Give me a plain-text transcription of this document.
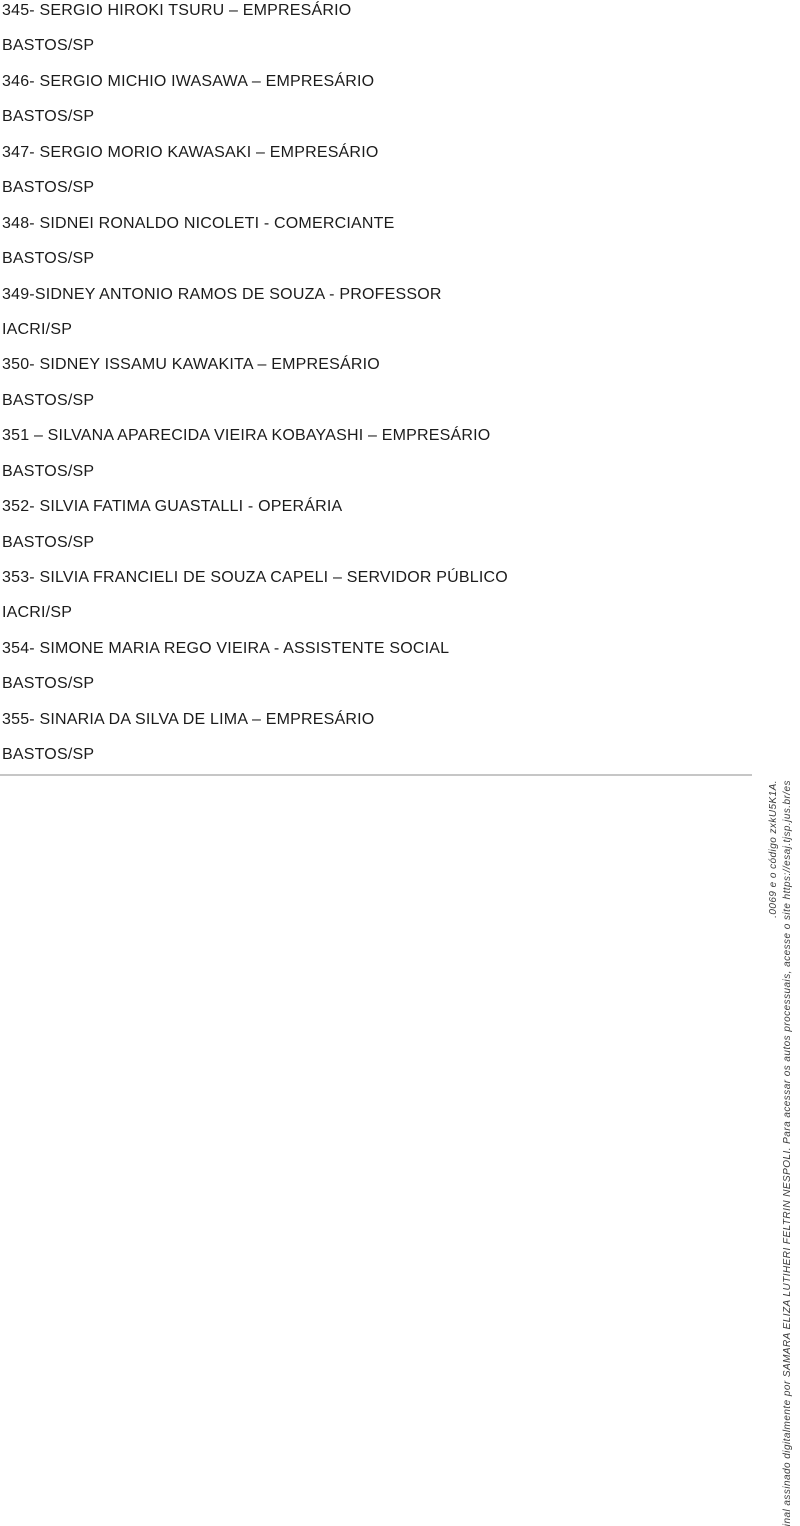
345- SERGIO HIROKI TSURU – EMPRESÁRIO
BASTOS/SP
346- SERGIO MICHIO IWASAWA – EMPRESÁRIO
BASTOS/SP
347- SERGIO MORIO KAWASAKI – EMPRESÁRIO
BASTOS/SP
348- SIDNEI RONALDO NICOLETI - COMERCIANTE
BASTOS/SP
349-SIDNEY ANTONIO RAMOS DE SOUZA - PROFESSOR
IACRI/SP
350- SIDNEY ISSAMU KAWAKITA – EMPRESÁRIO
BASTOS/SP
351 – SILVANA APARECIDA VIEIRA KOBAYASHI – EMPRESÁRIO
BASTOS/SP
352- SILVIA FATIMA GUASTALLI - OPERÁRIA
BASTOS/SP
353- SILVIA FRANCIELI DE SOUZA CAPELI – SERVIDOR PÚBLICO
IACRI/SP
354- SIMONE MARIA REGO VIEIRA - ASSISTENTE SOCIAL
BASTOS/SP
355- SINARIA DA SILVA DE LIMA – EMPRESÁRIO
BASTOS/SP
inal assinado digitalmente por SAMARA ELIZA LUTIHERI FELTRIN NESPOLI. Para acessar os autos processuais, acesse o site https://esaj.tjsp.jus.br/es
.0069 e o código zxkU5K1A.
